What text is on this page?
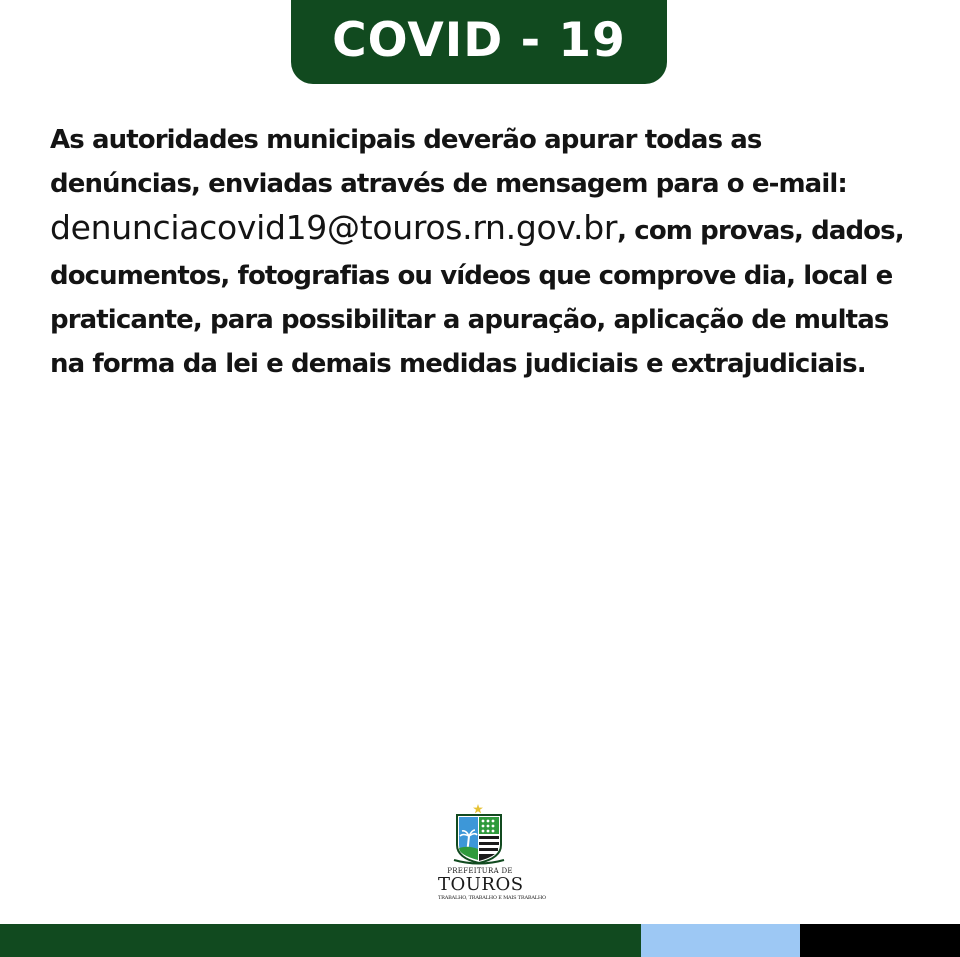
COVID - 19

As autoridades municipais deverão apurar todas as denúncias, enviadas através de mensagem para o e-mail: denunciacovid19@touros.rn.gov.br, com provas, dados, documentos, fotografias ou vídeos que comprove dia, local e praticante, para possibilitar a apuração, aplicação de multas na forma da lei e demais medidas judiciais e extrajudiciais.

PREFEITURA DE
TOUROS
TRABALHO, TRABALHO E MAIS TRABALHO
